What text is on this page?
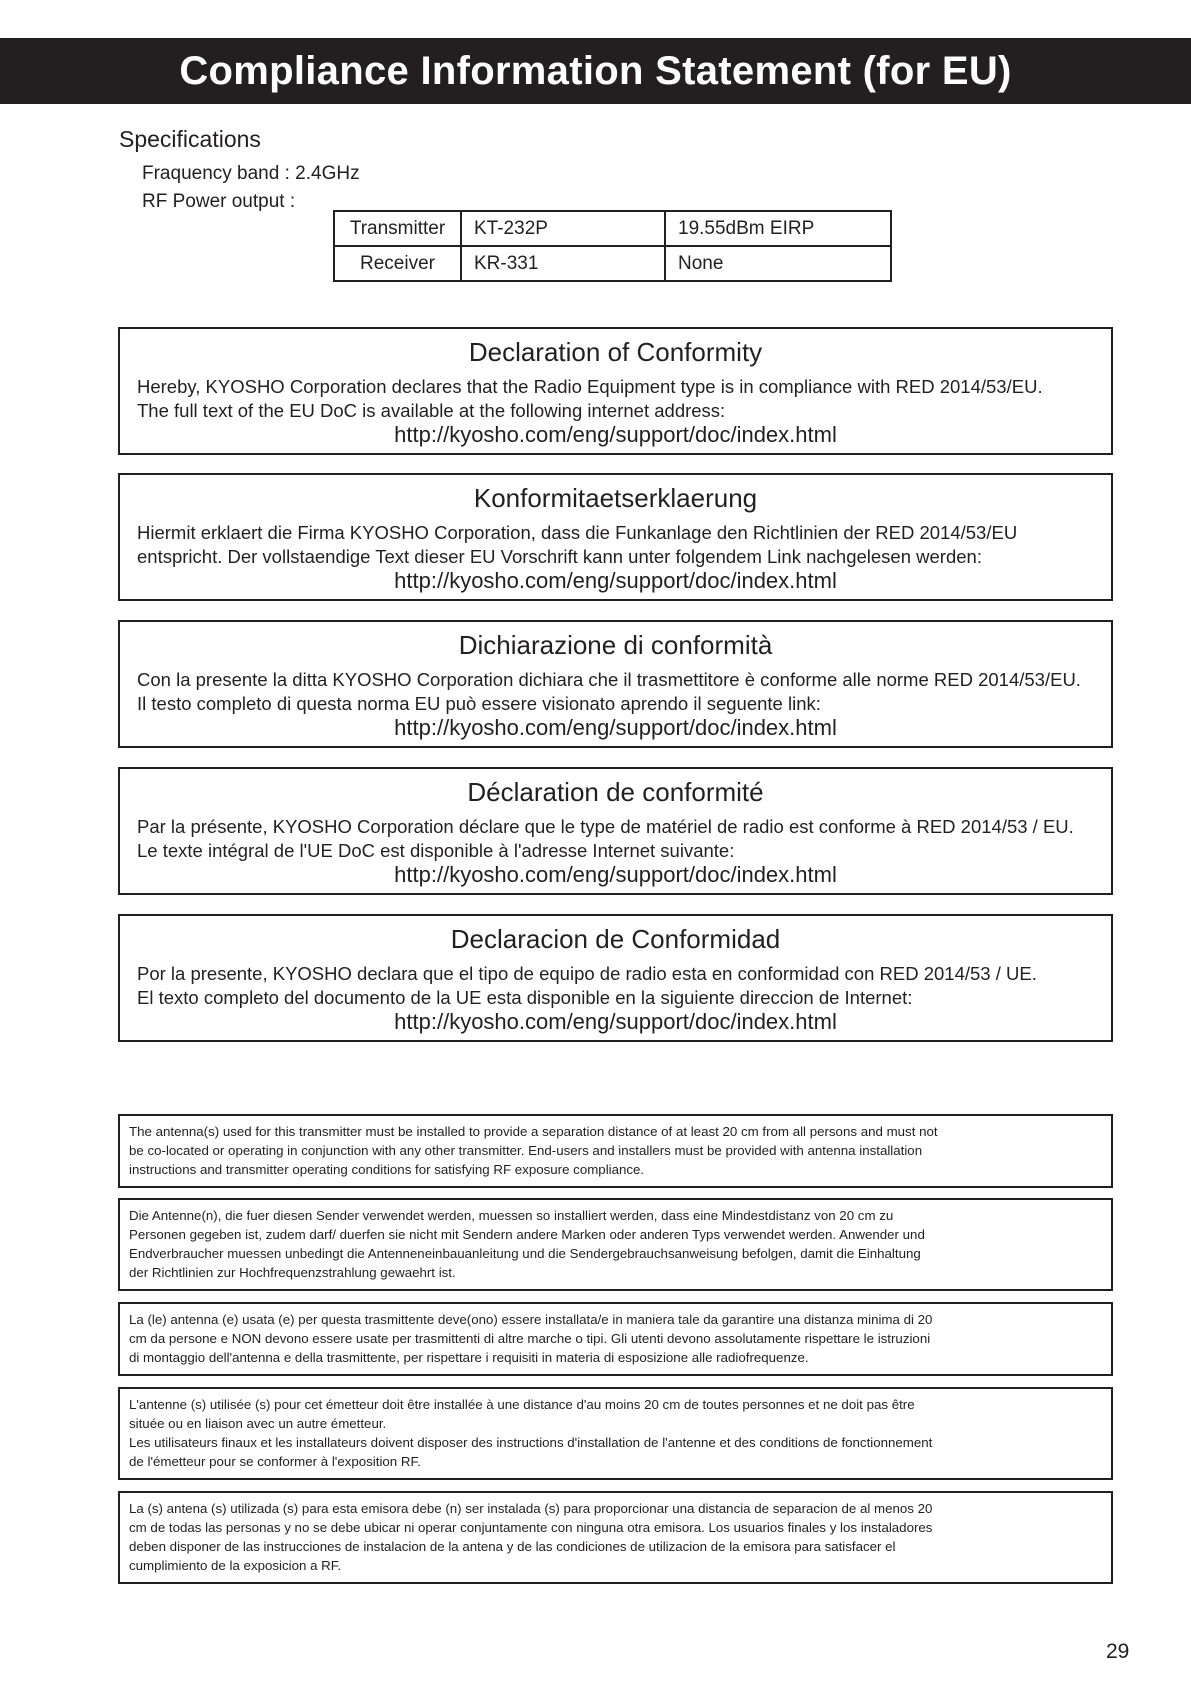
Compliance Information Statement (for EU)
Specifications
Fraquency band : 2.4GHz
RF Power output :
Transmitter	KT-232P	19.55dBm EIRP
Receiver	KR-331	None
Declaration of Conformity
Hereby, KYOSHO Corporation declares that the Radio Equipment type is in compliance with RED 2014/53/EU.
The full text of the EU DoC is available at the following internet address:
http://kyosho.com/eng/support/doc/index.html
Konformitaetserklaerung
Hiermit erklaert die Firma KYOSHO Corporation, dass die Funkanlage den Richtlinien der RED 2014/53/EU
entspricht. Der vollstaendige Text dieser EU Vorschrift kann unter folgendem Link nachgelesen werden:
http://kyosho.com/eng/support/doc/index.html
Dichiarazione di conformità
Con la presente la ditta KYOSHO Corporation dichiara che il trasmettitore è conforme alle norme RED 2014/53/EU.
Il testo completo di questa norma EU può essere visionato aprendo il seguente link:
http://kyosho.com/eng/support/doc/index.html
Déclaration de conformité
Par la présente, KYOSHO Corporation déclare que le type de matériel de radio est conforme à RED 2014/53 / EU.
Le texte intégral de l'UE DoC est disponible à l'adresse Internet suivante:
http://kyosho.com/eng/support/doc/index.html
Declaracion de Conformidad
Por la presente, KYOSHO declara que el tipo de equipo de radio esta en conformidad con RED 2014/53 / UE.
El texto completo del documento de la UE esta disponible en la siguiente direccion de Internet:
http://kyosho.com/eng/support/doc/index.html
The antenna(s) used for this transmitter must be installed to provide a separation distance of at least 20 cm from all persons and must not
be co-located or operating in conjunction with any other transmitter. End-users and installers must be provided with antenna installation
instructions and transmitter operating conditions for satisfying RF exposure compliance.
Die Antenne(n), die fuer diesen Sender verwendet werden, muessen so installiert werden, dass eine Mindestdistanz von 20 cm zu
Personen gegeben ist, zudem darf/ duerfen sie nicht mit Sendern andere Marken oder anderen Typs verwendet werden. Anwender und
Endverbraucher muessen unbedingt die Antenneneinbauanleitung und die Sendergebrauchsanweisung befolgen, damit die Einhaltung
der Richtlinien zur Hochfrequenzstrahlung gewaehrt ist.
La (le) antenna (e) usata (e) per questa trasmittente deve(ono) essere installata/e in maniera tale da garantire una distanza minima di 20
cm da persone e NON devono essere usate per trasmittenti di altre marche o tipi. Gli utenti devono assolutamente rispettare le istruzioni
di montaggio dell'antenna e della trasmittente, per rispettare i requisiti in materia di esposizione alle radiofrequenze.
L'antenne (s) utilisée (s) pour cet émetteur doit être installée à une distance d'au moins 20 cm de toutes personnes et ne doit pas être
située ou en liaison avec un autre émetteur.
Les utilisateurs finaux et les installateurs doivent disposer des instructions d'installation de l'antenne et des conditions de fonctionnement
de l'émetteur pour se conformer à l'exposition RF.
La (s) antena (s) utilizada (s) para esta emisora debe (n) ser instalada (s) para proporcionar una distancia de separacion de al menos 20
cm de todas las personas y no se debe ubicar ni operar conjuntamente con ninguna otra emisora. Los usuarios finales y los instaladores
deben disponer de las instrucciones de instalacion de la antena y de las condiciones de utilizacion de la emisora para satisfacer el
cumplimiento de la exposicion a RF.
29
